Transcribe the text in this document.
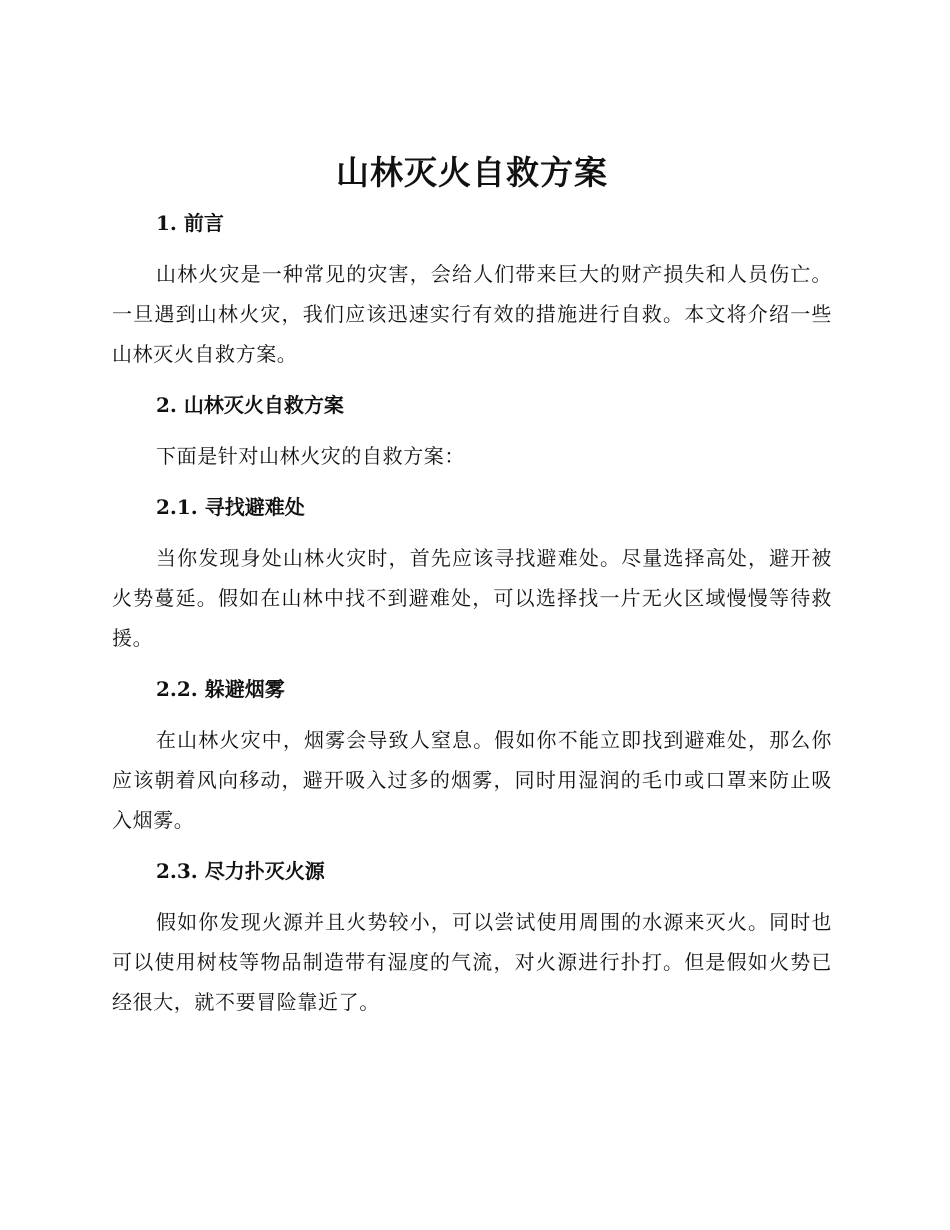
山林灭火自救方案
1. 前言

山林火灾是一种常见的灾害，会给人们带来巨大的财产损失和人员伤亡。一旦遇到山林火灾，我们应该迅速实行有效的措施进行自救。本文将介绍一些山林灭火自救方案。

2. 山林灭火自救方案

下面是针对山林火灾的自救方案：

2.1. 寻找避难处

当你发现身处山林火灾时，首先应该寻找避难处。尽量选择高处，避开被火势蔓延。假如在山林中找不到避难处，可以选择找一片无火区域慢慢等待救援。

2.2. 躲避烟雾

在山林火灾中，烟雾会导致人窒息。假如你不能立即找到避难处，那么你应该朝着风向移动，避开吸入过多的烟雾，同时用湿润的毛巾或口罩来防止吸入烟雾。

2.3. 尽力扑灭火源

假如你发现火源并且火势较小，可以尝试使用周围的水源来灭火。同时也可以使用树枝等物品制造带有湿度的气流，对火源进行扑打。但是假如火势已经很大，就不要冒险靠近了。
